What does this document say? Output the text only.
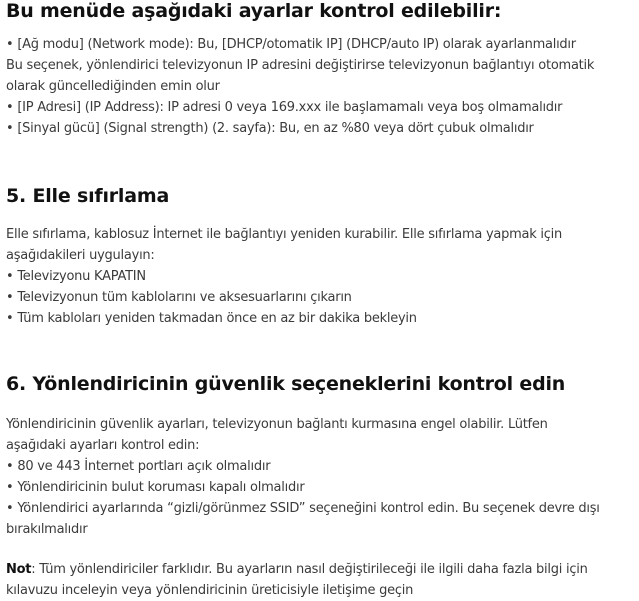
Bu menüde aşağıdaki ayarlar kontrol edilebilir:

• [Ağ modu] (Network mode): Bu, [DHCP/otomatik IP] (DHCP/auto IP) olarak ayarlanmalıdır

Bu seçenek, yönlendirici televizyonun IP adresini değiştirirse televizyonun bağlantıyı otomatik

olarak güncellediğinden emin olur

• [IP Adresi] (IP Address): IP adresi 0 veya 169.xxx ile başlamamalı veya boş olmamalıdır

• [Sinyal gücü] (Signal strength) (2. sayfa): Bu, en az %80 veya dört çubuk olmalıdır

5. Elle sıfırlama

Elle sıfırlama, kablosuz İnternet ile bağlantıyı yeniden kurabilir. Elle sıfırlama yapmak için

aşağıdakileri uygulayın:

• Televizyonu KAPATIN

• Televizyonun tüm kablolarını ve aksesuarlarını çıkarın

• Tüm kabloları yeniden takmadan önce en az bir dakika bekleyin

6. Yönlendiricinin güvenlik seçeneklerini kontrol edin

Yönlendiricinin güvenlik ayarları, televizyonun bağlantı kurmasına engel olabilir. Lütfen

aşağıdaki ayarları kontrol edin:

• 80 ve 443 İnternet portları açık olmalıdır

• Yönlendiricinin bulut koruması kapalı olmalıdır

• Yönlendirici ayarlarında “gizli/görünmez SSID” seçeneğini kontrol edin. Bu seçenek devre dışı

bırakılmalıdır

Not: Tüm yönlendiriciler farklıdır. Bu ayarların nasıl değiştirileceği ile ilgili daha fazla bilgi için

kılavuzu inceleyin veya yönlendiricinin üreticisiyle iletişime geçin
